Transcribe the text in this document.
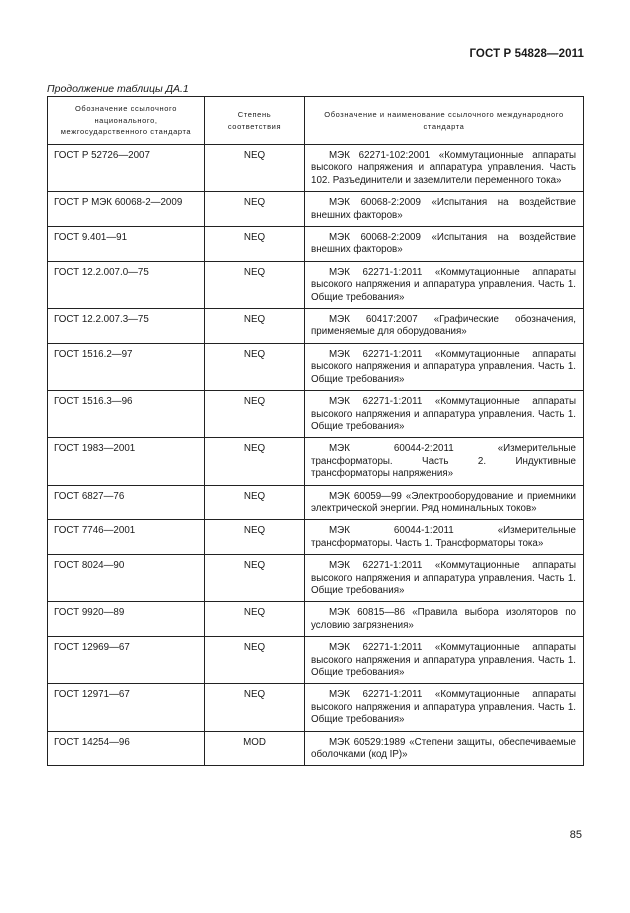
ГОСТ Р 54828—2011
Продолжение таблицы ДА.1
Обозначение ссылочного национального, межгосударственного стандарта	Степень соответствия	Обозначение и наименование ссылочного международного стандарта
ГОСТ Р 52726—2007	NEQ	МЭК 62271-102:2001 «Коммутационные аппараты высокого напряжения и аппаратура управления. Часть 102. Разъединители и заземлители переменного тока»
ГОСТ Р МЭК 60068-2—2009	NEQ	МЭК 60068-2:2009 «Испытания на воздействие внешних факторов»
ГОСТ 9.401—91	NEQ	МЭК 60068-2:2009 «Испытания на воздействие внешних факторов»
ГОСТ 12.2.007.0—75	NEQ	МЭК 62271-1:2011 «Коммутационные аппараты высокого напряжения и аппаратура управления. Часть 1. Общие требования»
ГОСТ 12.2.007.3—75	NEQ	МЭК 60417:2007 «Графические обозначения, применяемые для оборудования»
ГОСТ 1516.2—97	NEQ	МЭК 62271-1:2011 «Коммутационные аппараты высокого напряжения и аппаратура управления. Часть 1. Общие требования»
ГОСТ 1516.3—96	NEQ	МЭК 62271-1:2011 «Коммутационные аппараты высокого напряжения и аппаратура управления. Часть 1. Общие требования»
ГОСТ 1983—2001	NEQ	МЭК 60044-2:2011 «Измерительные трансформаторы. Часть 2. Индуктивные трансформаторы напряжения»
ГОСТ 6827—76	NEQ	МЭК 60059—99 «Электрооборудование и приемники электрической энергии. Ряд номинальных токов»
ГОСТ 7746—2001	NEQ	МЭК 60044-1:2011 «Измерительные трансформаторы. Часть 1. Трансформаторы тока»
ГОСТ 8024—90	NEQ	МЭК 62271-1:2011 «Коммутационные аппараты высокого напряжения и аппаратура управления. Часть 1. Общие требования»
ГОСТ 9920—89	NEQ	МЭК 60815—86 «Правила выбора изоляторов по условию загрязнения»
ГОСТ 12969—67	NEQ	МЭК 62271-1:2011 «Коммутационные аппараты высокого напряжения и аппаратура управления. Часть 1. Общие требования»
ГОСТ 12971—67	NEQ	МЭК 62271-1:2011 «Коммутационные аппараты высокого напряжения и аппаратура управления. Часть 1. Общие требования»
ГОСТ 14254—96	MOD	МЭК 60529:1989 «Степени защиты, обеспечиваемые оболочками (код IP)»
85
